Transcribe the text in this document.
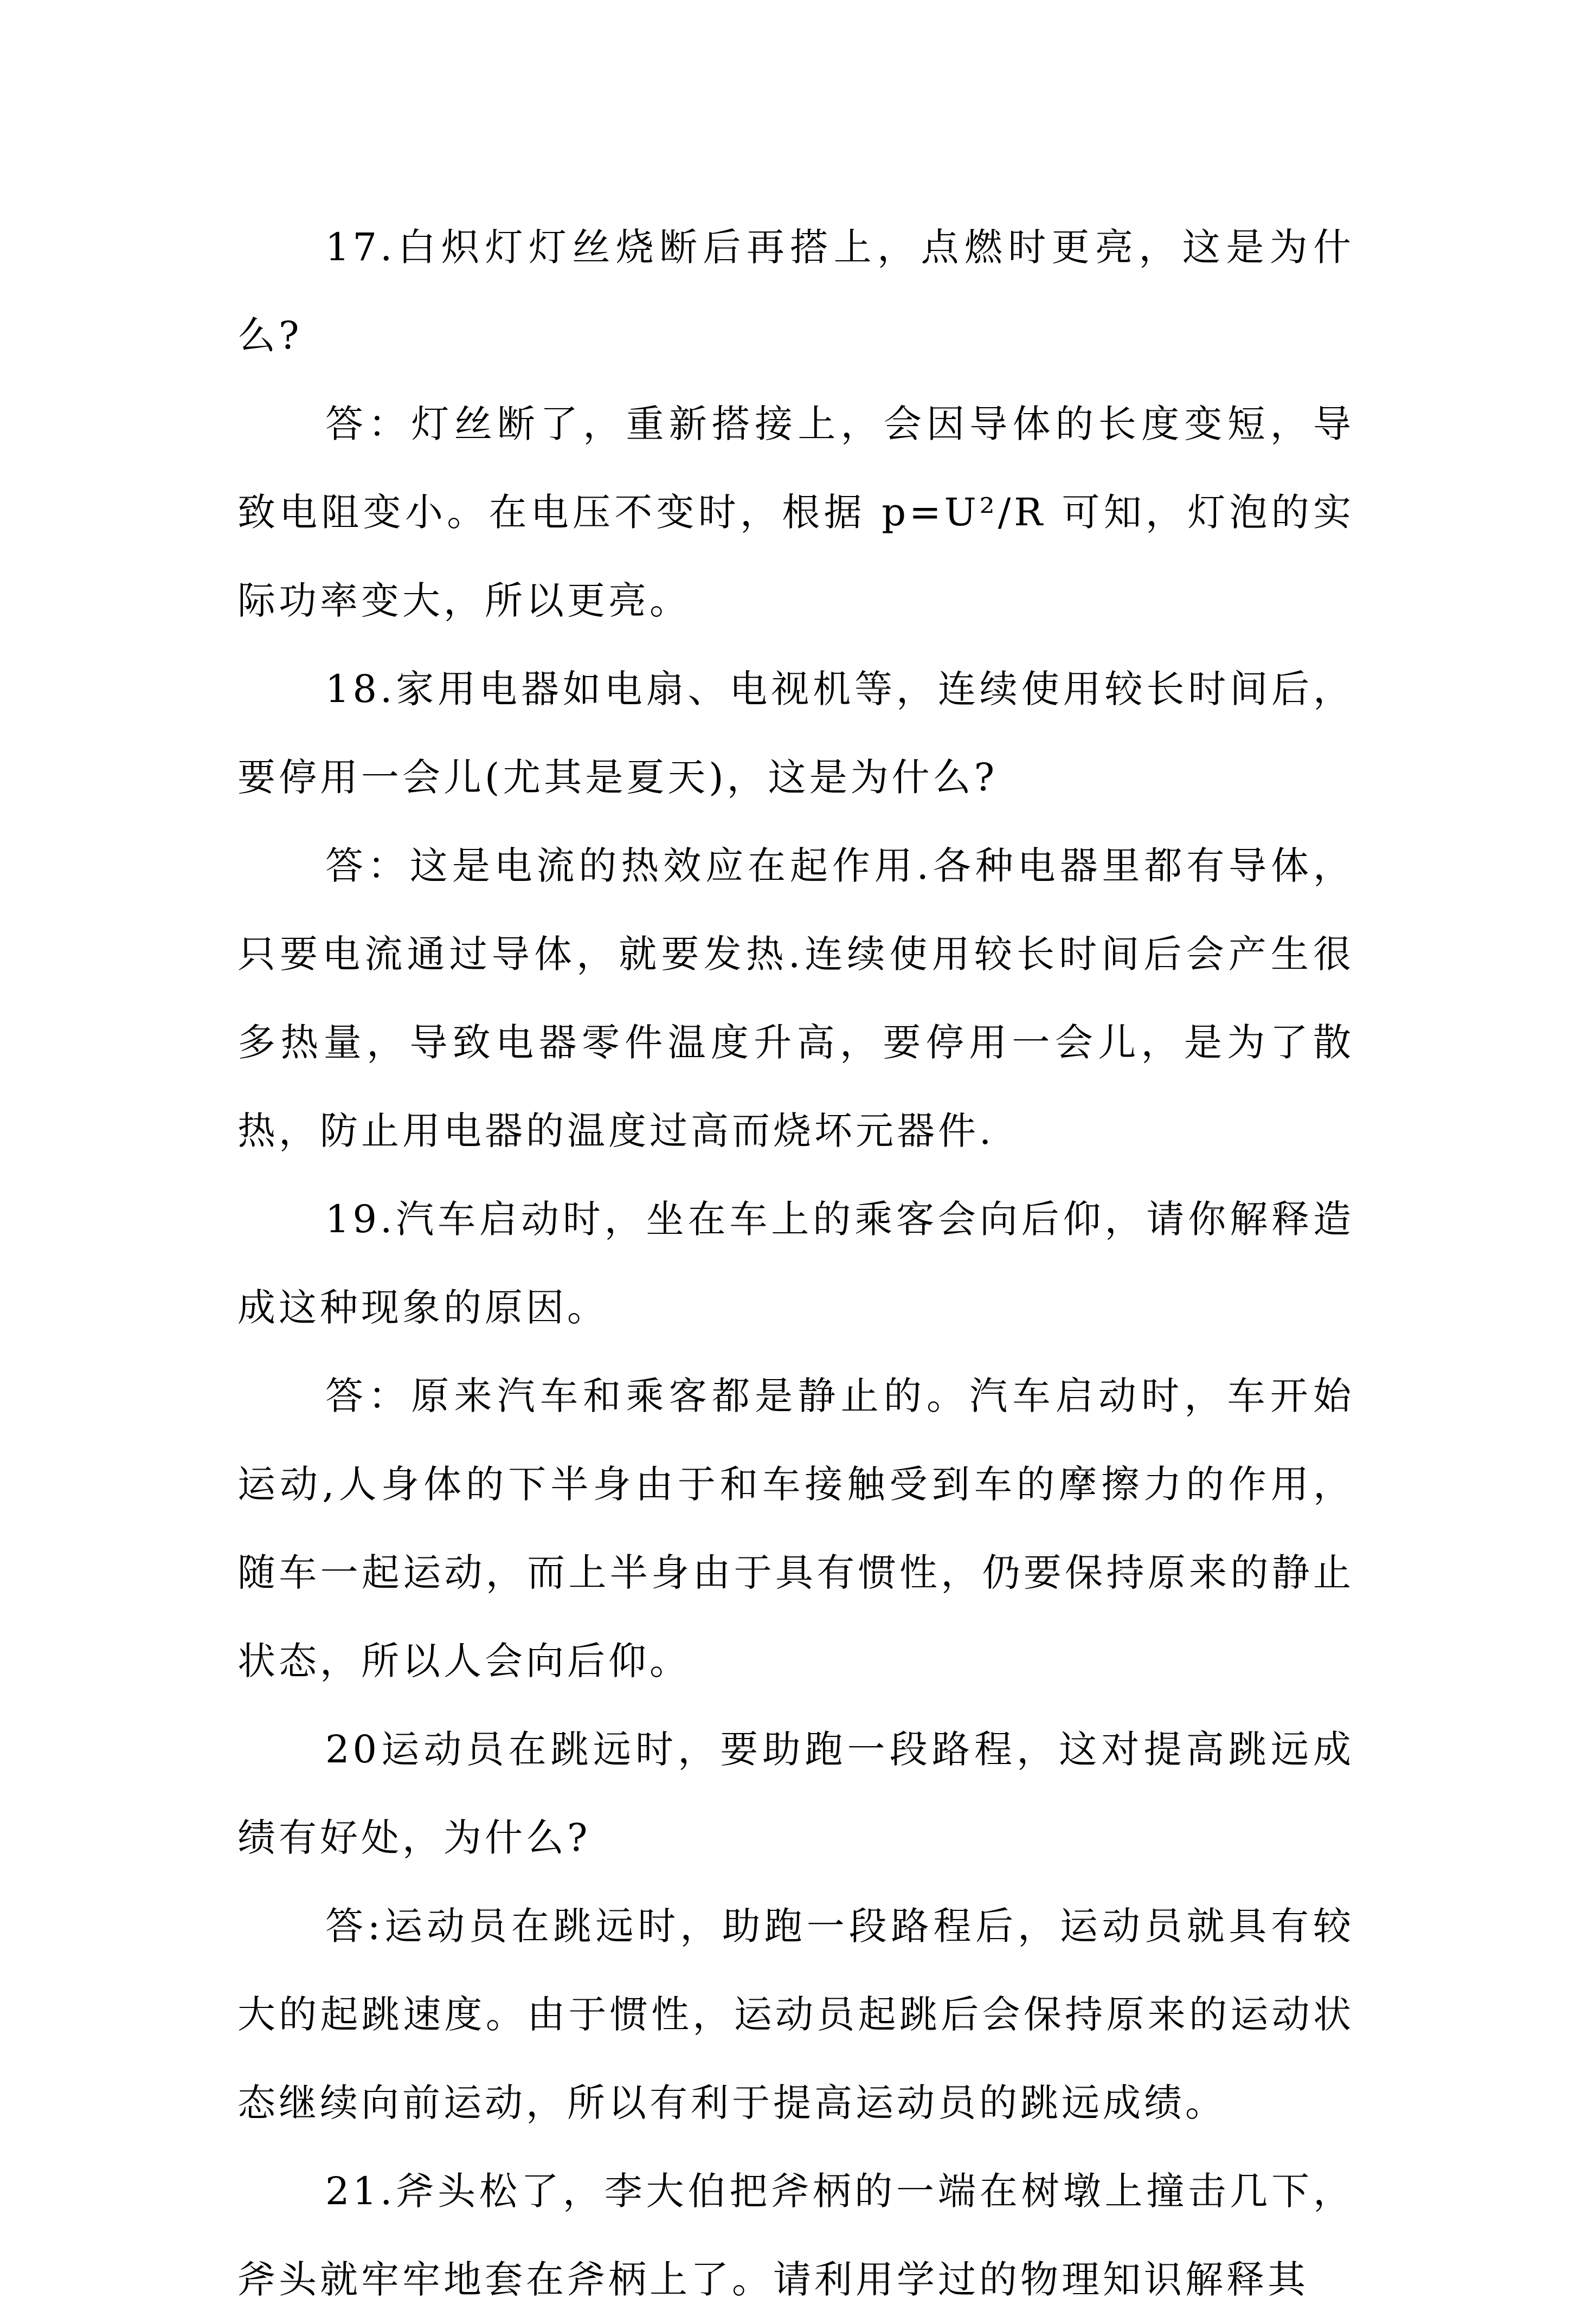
17.白炽灯灯丝烧断后再搭上，点燃时更亮，这是为什么?

答：灯丝断了，重新搭接上，会因导体的长度变短，导致电阻变小。在电压不变时，根据 p=U²/R 可知，灯泡的实际功率变大，所以更亮。

18.家用电器如电扇、电视机等，连续使用较长时间后，要停用一会儿(尤其是夏天)，这是为什么?

答：这是电流的热效应在起作用.各种电器里都有导体，只要电流通过导体，就要发热.连续使用较长时间后会产生很多热量，导致电器零件温度升高，要停用一会儿，是为了散热，防止用电器的温度过高而烧坏元器件.

19.汽车启动时，坐在车上的乘客会向后仰，请你解释造成这种现象的原因。

答：原来汽车和乘客都是静止的。汽车启动时，车开始运动,人身体的下半身由于和车接触受到车的摩擦力的作用，随车一起运动，而上半身由于具有惯性，仍要保持原来的静止状态，所以人会向后仰。

20运动员在跳远时，要助跑一段路程，这对提高跳远成绩有好处，为什么?

答:运动员在跳远时，助跑一段路程后，运动员就具有较大的起跳速度。由于惯性，运动员起跳后会保持原来的运动状态继续向前运动，所以有利于提高运动员的跳远成绩。

21.斧头松了，李大伯把斧柄的一端在树墩上撞击几下，斧头就牢牢地套在斧柄上了。请利用学过的物理知识解释其
